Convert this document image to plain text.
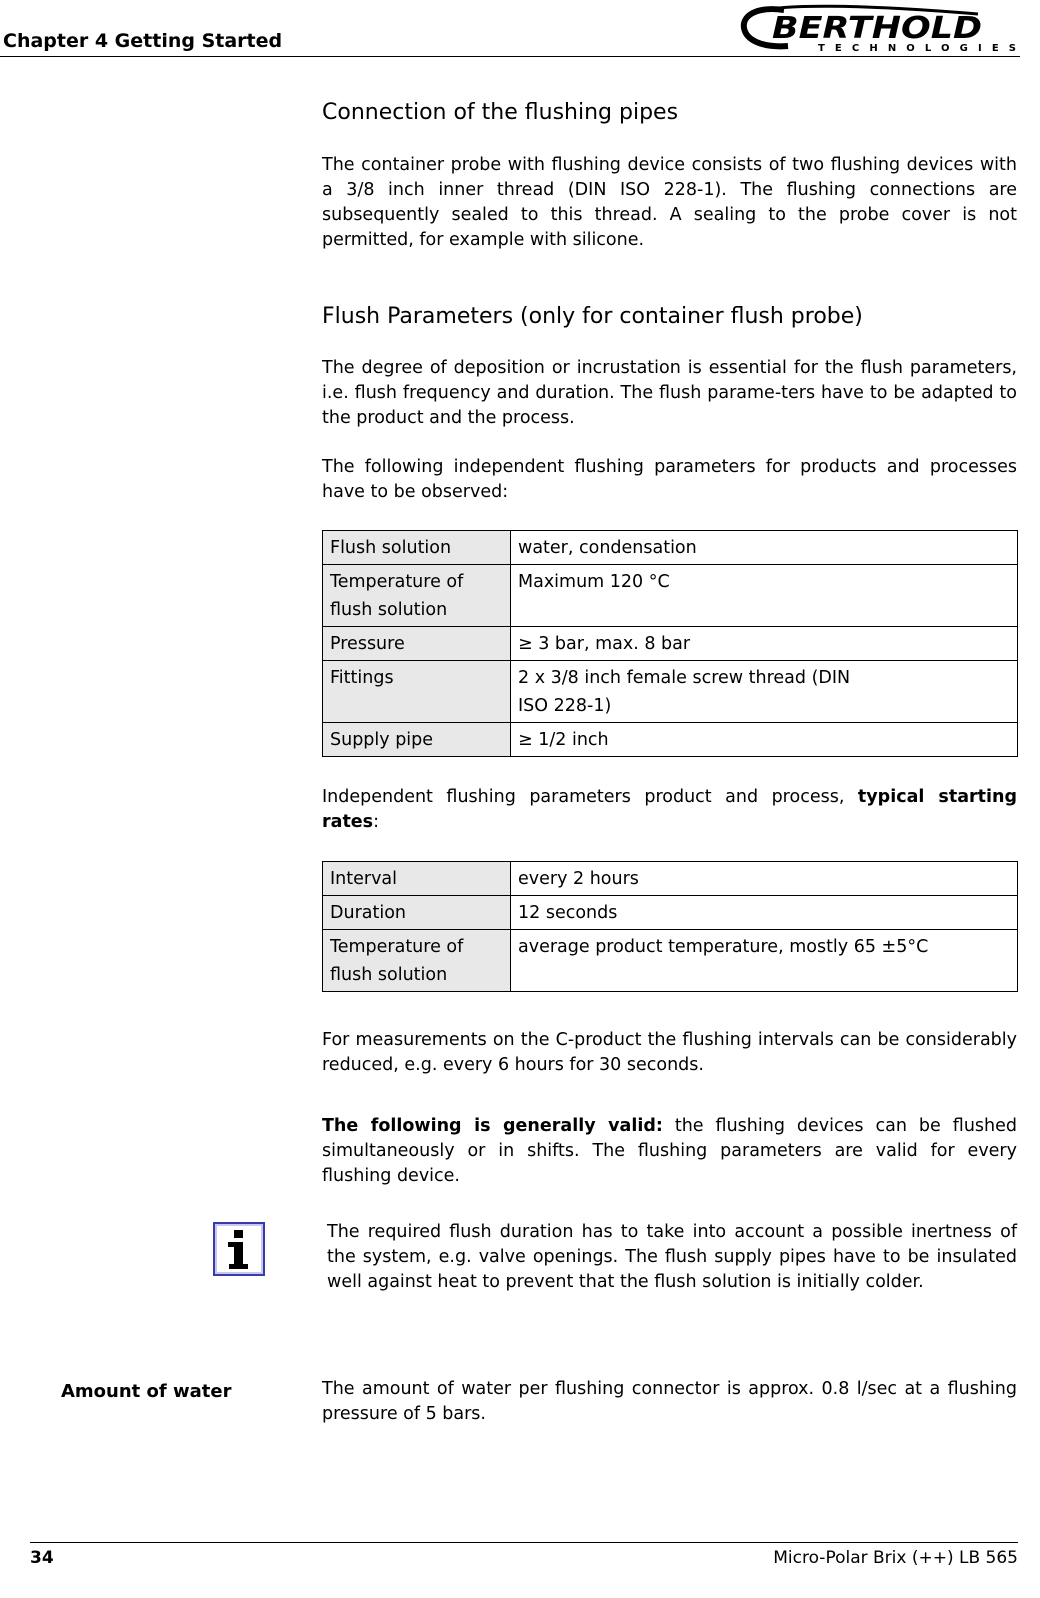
Chapter 4 Getting Started	BERTHOLD
TECHNOLOGIES
Connection of the flushing pipes
The container probe with flushing device consists of two flushing devices with a 3/8 inch inner thread (DIN ISO 228-1). The flushing connections are subsequently sealed to this thread. A sealing to the probe cover is not permitted, for example with silicone.
Flush Parameters (only for container flush probe)
The degree of deposition or incrustation is essential for the flush parameters, i.e. flush frequency and duration. The flush parame-ters have to be adapted to the product and the process.
The following independent flushing parameters for products and processes have to be observed:
Flush solution	water, condensation
Temperature of flush solution	Maximum 120 °C
Pressure	≥ 3 bar, max. 8 bar
Fittings	2 x 3/8 inch female screw thread (DIN ISO 228-1)
Supply pipe	≥ 1/2 inch
Independent flushing parameters product and process, typical starting rates:
Interval	every 2 hours
Duration	12 seconds
Temperature of flush solution	average product temperature, mostly 65 ±5°C
For measurements on the C-product the flushing intervals can be considerably reduced, e.g. every 6 hours for 30 seconds.
The following is generally valid: the flushing devices can be flushed simultaneously or in shifts. The flushing parameters are valid for every flushing device.
The required flush duration has to take into account a possible inertness of the system, e.g. valve openings. The flush supply pipes have to be insulated well against heat to prevent that the flush solution is initially colder.
Amount of water	The amount of water per flushing connector is approx. 0.8 l/sec at a flushing pressure of 5 bars.
34	Micro-Polar Brix (++) LB 565
